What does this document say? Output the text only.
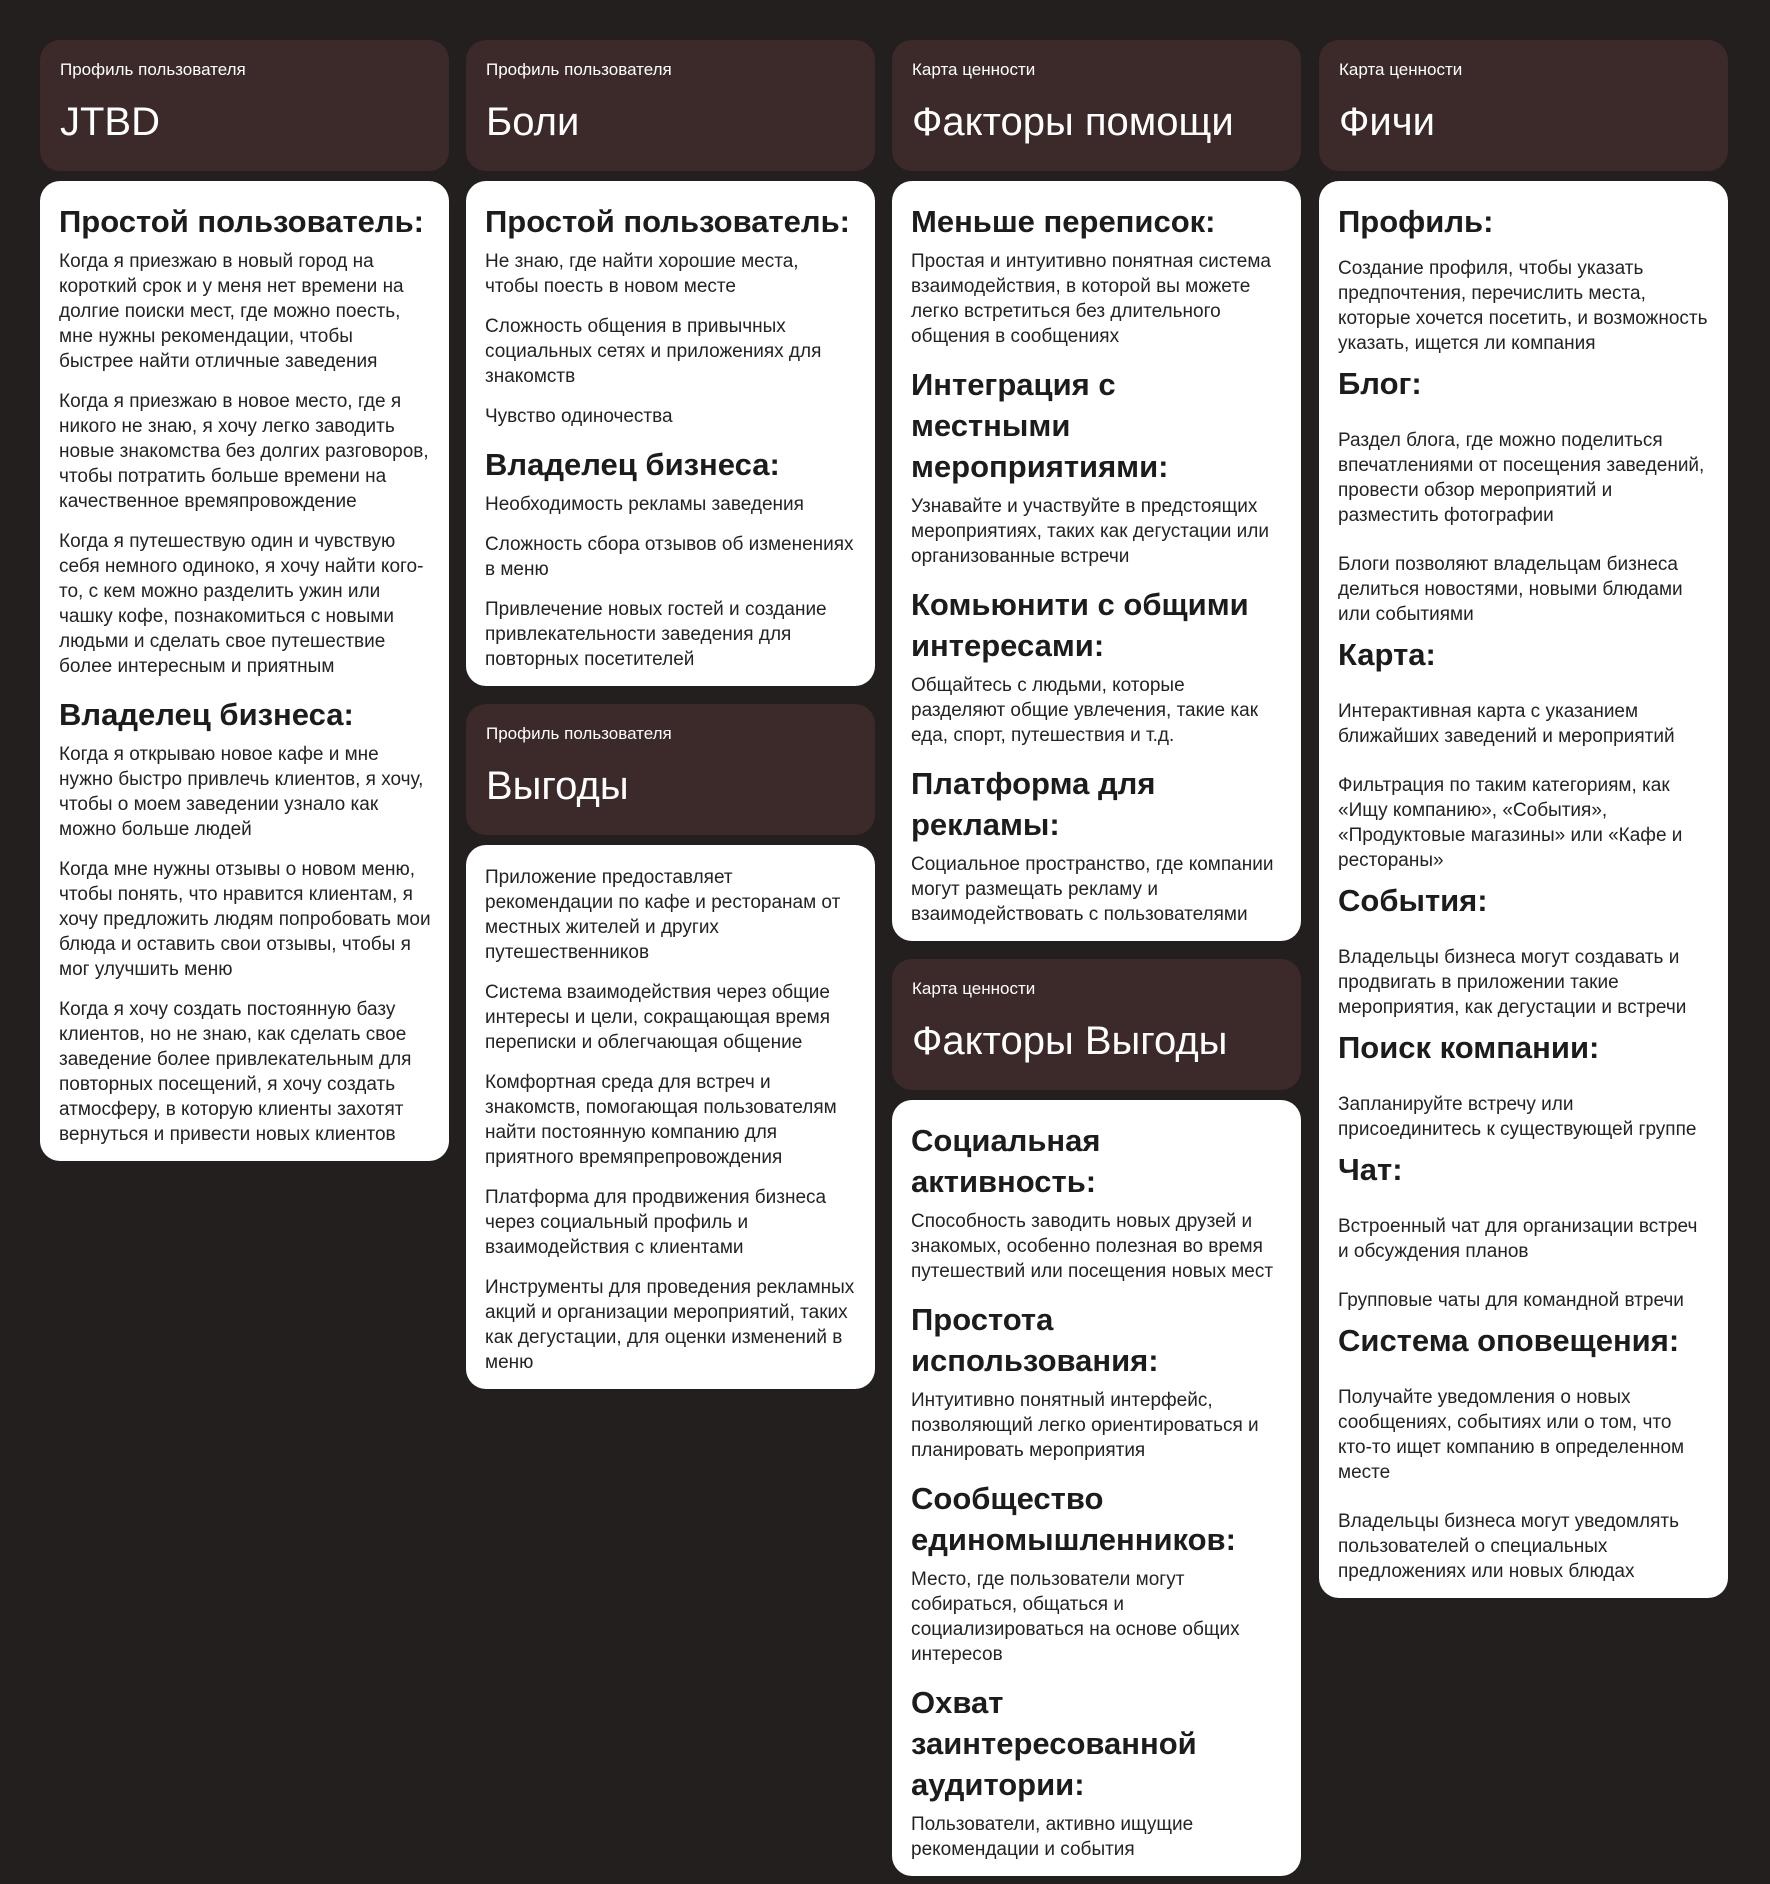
Профиль пользователя
JTBD
Простой пользователь:

Когда я приезжаю в новый город на короткий срок и у меня нет времени на долгие поиски мест, где можно поесть, мне нужны рекомендации, чтобы быстрее найти отличные заведения

Когда я приезжаю в новое место, где я никого не знаю, я хочу легко заводить новые знакомства без долгих разговоров, чтобы потратить больше времени на качественное времяпровождение

Когда я путешествую один и чувствую себя немного одиноко, я хочу найти кого-то, с кем можно разделить ужин или чашку кофе, познакомиться с новыми людьми и сделать свое путешествие более интересным и приятным

Владелец бизнеса:

Когда я открываю новое кафе и мне нужно быстро привлечь клиентов, я хочу, чтобы о моем заведении узнало как можно больше людей

Когда мне нужны отзывы о новом меню, чтобы понять, что нравится клиентам, я хочу предложить людям попробовать мои блюда и оставить свои отзывы, чтобы я мог улучшить меню

Когда я хочу создать постоянную базу клиентов, но не знаю, как сделать свое заведение более привлекательным для повторных посещений, я хочу создать атмосферу, в которую клиенты захотят вернуться и привести новых клиентов

Профиль пользователя
Боли
Простой пользователь:

Не знаю, где найти хорошие места, чтобы поесть в новом месте

Сложность общения в привычных социальных сетях и приложениях для знакомств

Чувство одиночества

Владелец бизнеса:

Необходимость рекламы заведения

Сложность сбора отзывов об изменениях в меню

Привлечение новых гостей и создание привлекательности заведения для повторных посетителей

Профиль пользователя
Выгоды

Приложение предоставляет рекомендации по кафе и ресторанам от местных жителей и других путешественников

Система взаимодействия через общие интересы и цели, сокращающая время переписки и облегчающая общение

Комфортная среда для встреч и знакомств, помогающая пользователям найти постоянную компанию для приятного времяпрепровождения

Платформа для продвижения бизнеса через социальный профиль и взаимодействия с клиентами

Инструменты для проведения рекламных акций и организации мероприятий, таких как дегустации, для оценки изменений в меню

Карта ценности
Факторы помощи
Меньше переписок:

Простая и интуитивно понятная система взаимодействия, в которой вы можете легко встретиться без длительного общения в сообщениях

Интеграция с местными мероприятиями:

Узнавайте и участвуйте в предстоящих мероприятиях, таких как дегустации или организованные встречи

Комьюнити с общими интересами:

Общайтесь с людьми, которые разделяют общие увлечения, такие как еда, спорт, путешествия и т.д.

Платформа для рекламы:

Социальное пространство, где компании могут размещать рекламу и взаимодействовать с пользователями

Карта ценности
Факторы Выгоды
Социальная активность:

Способность заводить новых друзей и знакомых, особенно полезная во время путешествий или посещения новых мест

Простота использования:

Интуитивно понятный интерфейс, позволяющий легко ориентироваться и планировать мероприятия

Сообщество единомышленников:

Место, где пользователи могут собираться, общаться и социализироваться на основе общих интересов

Охват заинтересованной аудитории:

Пользователи, активно ищущие рекомендации и события

Карта ценности
Фичи
Профиль:

Создание профиля, чтобы указать предпочтения, перечислить места, которые хочется посетить, и возможность указать, ищется ли компания

Блог:

Раздел блога, где можно поделиться впечатлениями от посещения заведений, провести обзор мероприятий и разместить фотографии

Блоги позволяют владельцам бизнеса делиться новостями, новыми блюдами или событиями

Карта:

Интерактивная карта с указанием ближайших заведений и мероприятий

Фильтрация по таким категориям, как «Ищу компанию», «События», «Продуктовые магазины» или «Кафе и рестораны»

События:

Владельцы бизнеса могут создавать и продвигать в приложении такие мероприятия, как дегустации и встречи

Поиск компании:

Запланируйте встречу или присоединитесь к существующей группе

Чат:

Встроенный чат для организации встреч и обсуждения планов

Групповые чаты для командной втречи

Система оповещения:

Получайте уведомления о новых сообщениях, событиях или о том, что кто-то ищет компанию в определенном месте

Владельцы бизнеса могут уведомлять пользователей о специальных предложениях или новых блюдах
